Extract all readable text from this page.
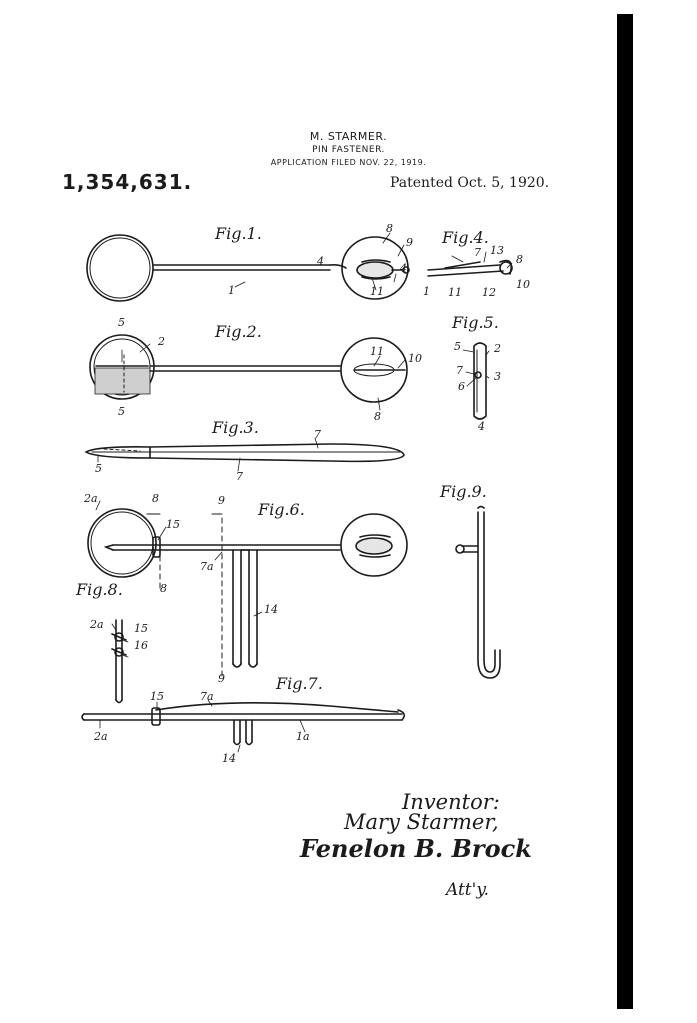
M. STARMER.
PIN FASTENER.
APPLICATION FILED NOV. 22, 1919.
1,354,631.	Patented Oct. 5, 1920.
Fig.1.	Fig.4.
Fig.2.	Fig.5.
Fig.3.
Fig.9.
Fig.6.
Fig.8.
Fig.7.
8
9
4
4
1	11
7 13
8
10
1 11 12
5
2
5
11
10
8
5	2
7	3
6
4
7
5
7
2a	8	9
15
7a
8
14
9
2a	15
16
15	7a
2a	1a
14
Inventor:
Mary Starmer,
Fenelon B. Brock
Att'y.
